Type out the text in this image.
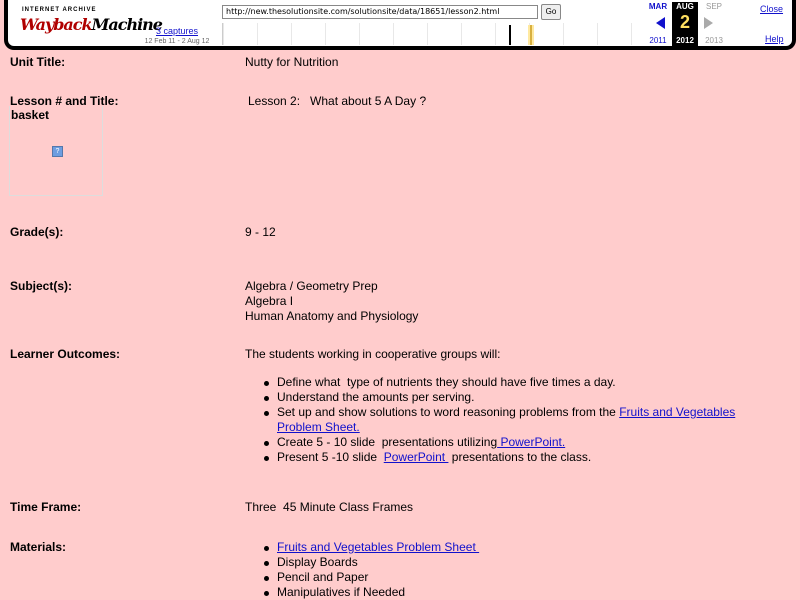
INTERNET ARCHIVE
WaybackMachine
3 captures
12 Feb 11 - 2 Aug 12
http://new.thesolutionsite.com/solutionsite/data/18651/lesson2.html	Go
MAR	AUG	SEP
2
2011	2012	2013
Close
Help
Unit Title:	Nutty for Nutrition
Lesson # and Title:	Lesson 2:   What about 5 A Day ?
basket
?
Grade(s):	9 - 12
Subject(s):	Algebra / Geometry Prep
Algebra I
Human Anatomy and Physiology
Learner Outcomes:	The students working in cooperative groups will:
Define what  type of nutrients they should have five times a day.
Understand the amounts per serving.
Set up and show solutions to word reasoning problems from the Fruits and Vegetables
Problem Sheet.
Create 5 - 10 slide  presentations utilizing PowerPoint.
Present 5 -10 slide  PowerPoint  presentations to the class.
Time Frame:	Three  45 Minute Class Frames
Materials:	Fruits and Vegetables Problem Sheet
Display Boards
Pencil and Paper
Manipulatives if Needed
